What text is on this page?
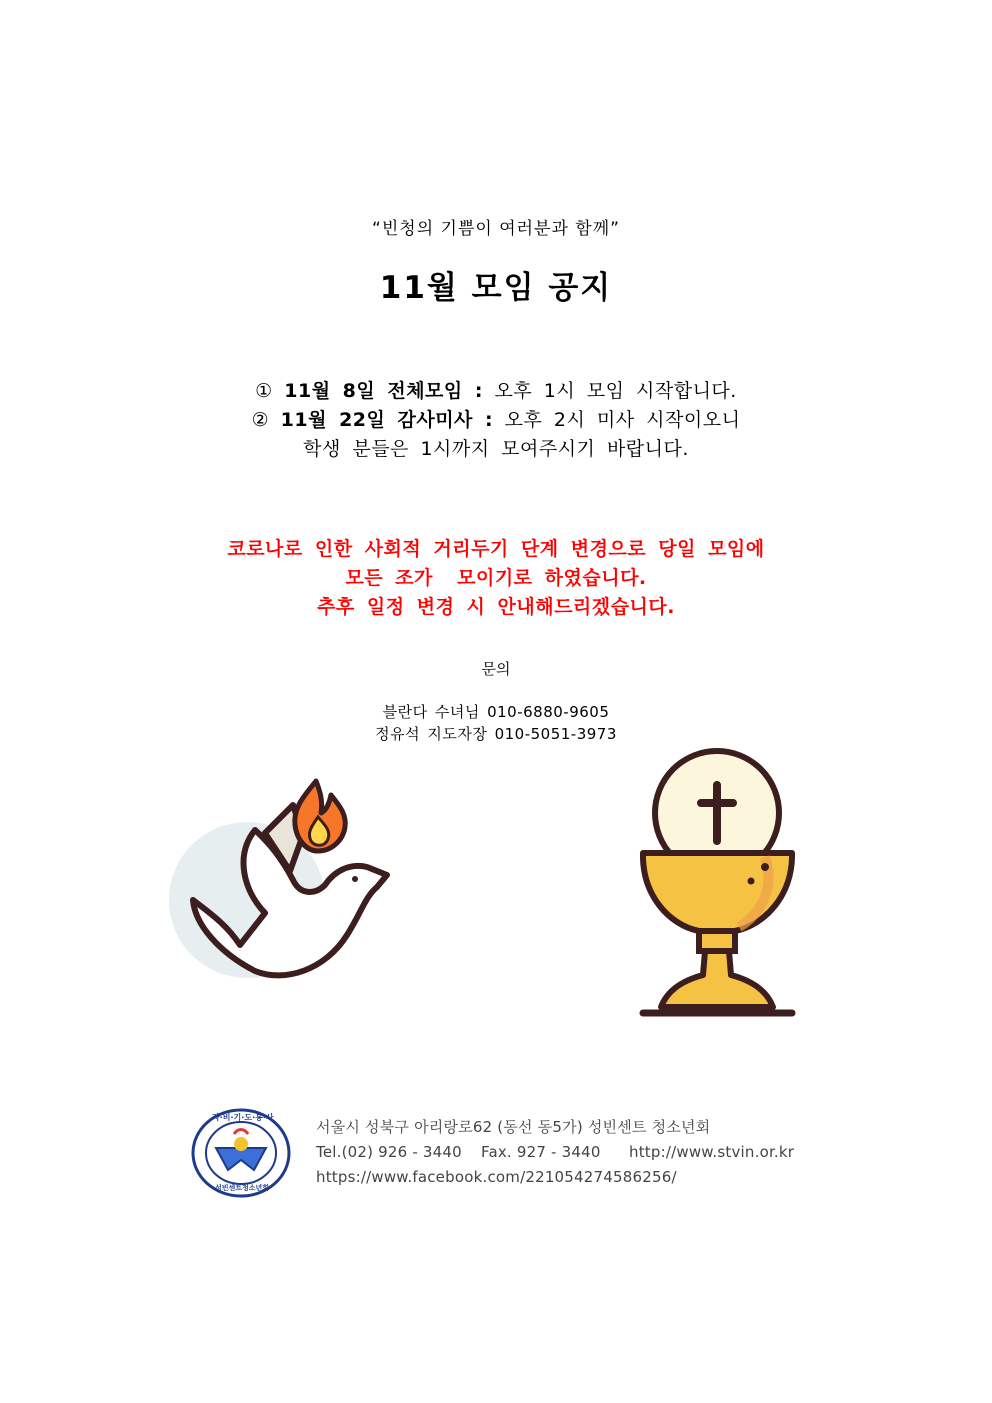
“빈청의 기쁨이 여러분과 함께”
11월 모임 공지
① 11월 8일 전체모임 : 오후 1시 모임 시작합니다.
② 11월 22일 감사미사 : 오후 2시 미사 시작이오니
학생 분들은 1시까지 모여주시기 바랍니다.
코로나로 인한 사회적 거리두기 단계 변경으로 당일 모임에
모든 조가  모이기로 하였습니다.
추후 일정 변경 시 안내해드리겠습니다.
문의
블란다 수녀님 010-6880-9605
정유석 지도자장 010-5051-3973
자·비·기·도·봉·사
성빈센트청소년회
서울시 성북구 아리랑로62 (동선 동5가) 성빈센트 청소년회
Tel.(02) 926 - 3440 Fax. 927 - 3440 http://www.stvin.or.kr
https://www.facebook.com/221054274586256/
